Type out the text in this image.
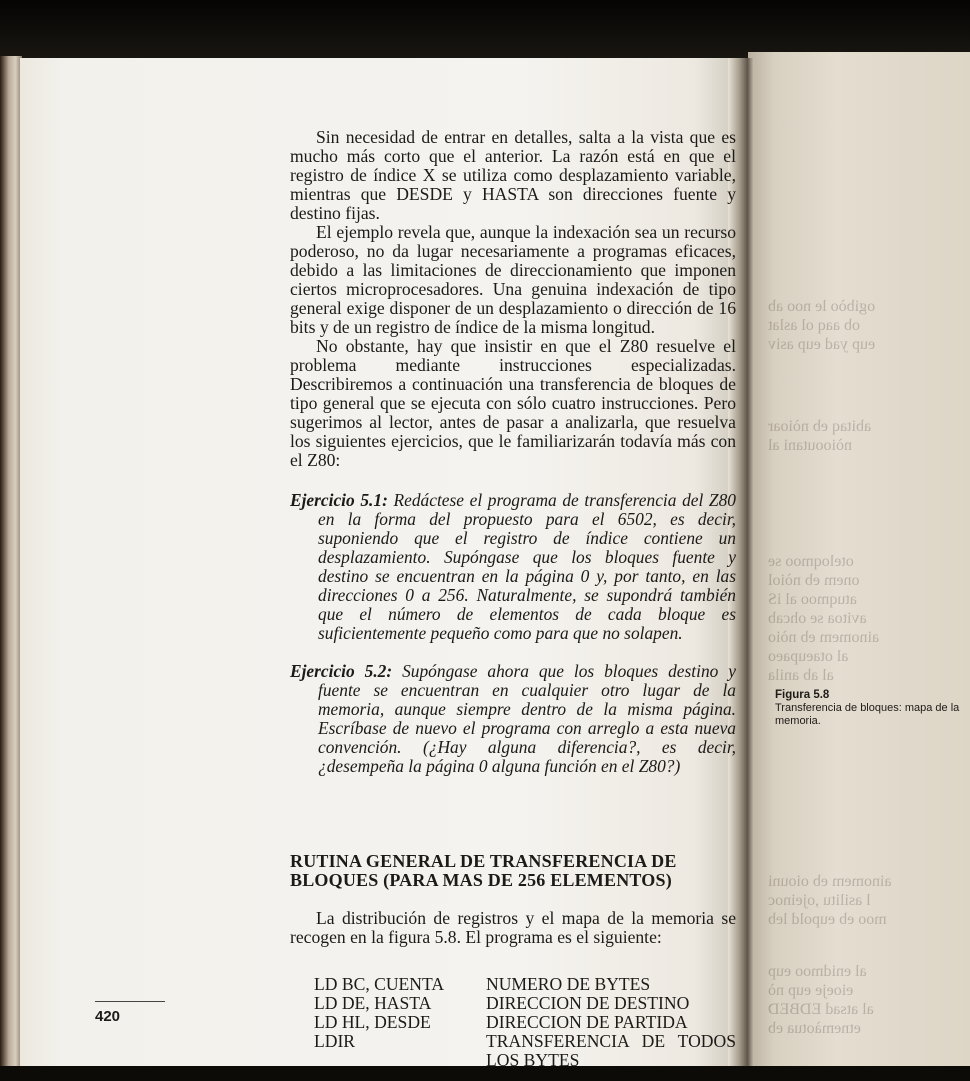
ogibòo le noo ab
ob aaq ol aslat
eup yad eup asiv
abitaq eb nòioar
nòiooutani al
oteloqmoo se
onem eb nòiol
atuqmoo al iS
avitoa se ohcab
ainomem eb nòio
al otaeupaeo
al ab anila
ainomem eb oiouni
l asilitu ,ojeinoc
moo eb eupold leb
al enidmoo eup
eioeje eup nò
al atsad EDBED
etnemàotua eb

Sin necesidad de entrar en detalles, salta a la vista que es mucho más corto que el anterior. La razón está en que el registro de índice X se utiliza como desplazamiento variable, mientras que DESDE y HASTA son direcciones fuente y destino fijas.

El ejemplo revela que, aunque la indexación sea un recurso poderoso, no da lugar necesariamente a programas eficaces, debido a las limitaciones de direccionamiento que imponen ciertos microprocesadores. Una genuina indexación de tipo general exige disponer de un desplazamiento o dirección de 16 bits y de un registro de índice de la misma longitud.

No obstante, hay que insistir en que el Z80 resuelve el problema mediante instrucciones especializadas. Describiremos a continuación una transferencia de bloques de tipo general que se ejecuta con sólo cuatro instrucciones. Pero sugerimos al lector, antes de pasar a analizarla, que resuelva los siguientes ejercicios, que le familiarizarán todavía más con el Z80:

Ejercicio 5.1: Redáctese el programa de transferencia del Z80 en la forma del propuesto para el 6502, es decir, suponiendo que el registro de índice contiene un desplazamiento. Supóngase que los bloques fuente y destino se encuentran en la página 0 y, por tanto, en las direcciones 0 a 256. Naturalmente, se supondrá también que el número de elementos de cada bloque es suficientemente pequeño como para que no solapen.
Ejercicio 5.2: Supóngase ahora que los bloques destino y fuente se encuentran en cualquier otro lugar de la memoria, aunque siempre dentro de la misma página. Escríbase de nuevo el programa con arreglo a esta nueva convención. (¿Hay alguna diferencia?, es decir, ¿desempeña la página 0 alguna función en el Z80?)
RUTINA GENERAL DE TRANSFERENCIA DE BLOQUES (PARA MAS DE 256 ELEMENTOS)

La distribución de registros y el mapa de la memoria se recogen en la figura 5.8. El programa es el siguiente:

LD BC, CUENTA	NUMERO DE BYTES
LD DE, HASTA	DIRECCION DE DESTINO
LD HL, DESDE	DIRECCION DE PARTIDA
LDIR	TRANSFERENCIA DE TODOS LOS BYTES
420
Figura 5.8
Transferencia de bloques: mapa de la memoria.
